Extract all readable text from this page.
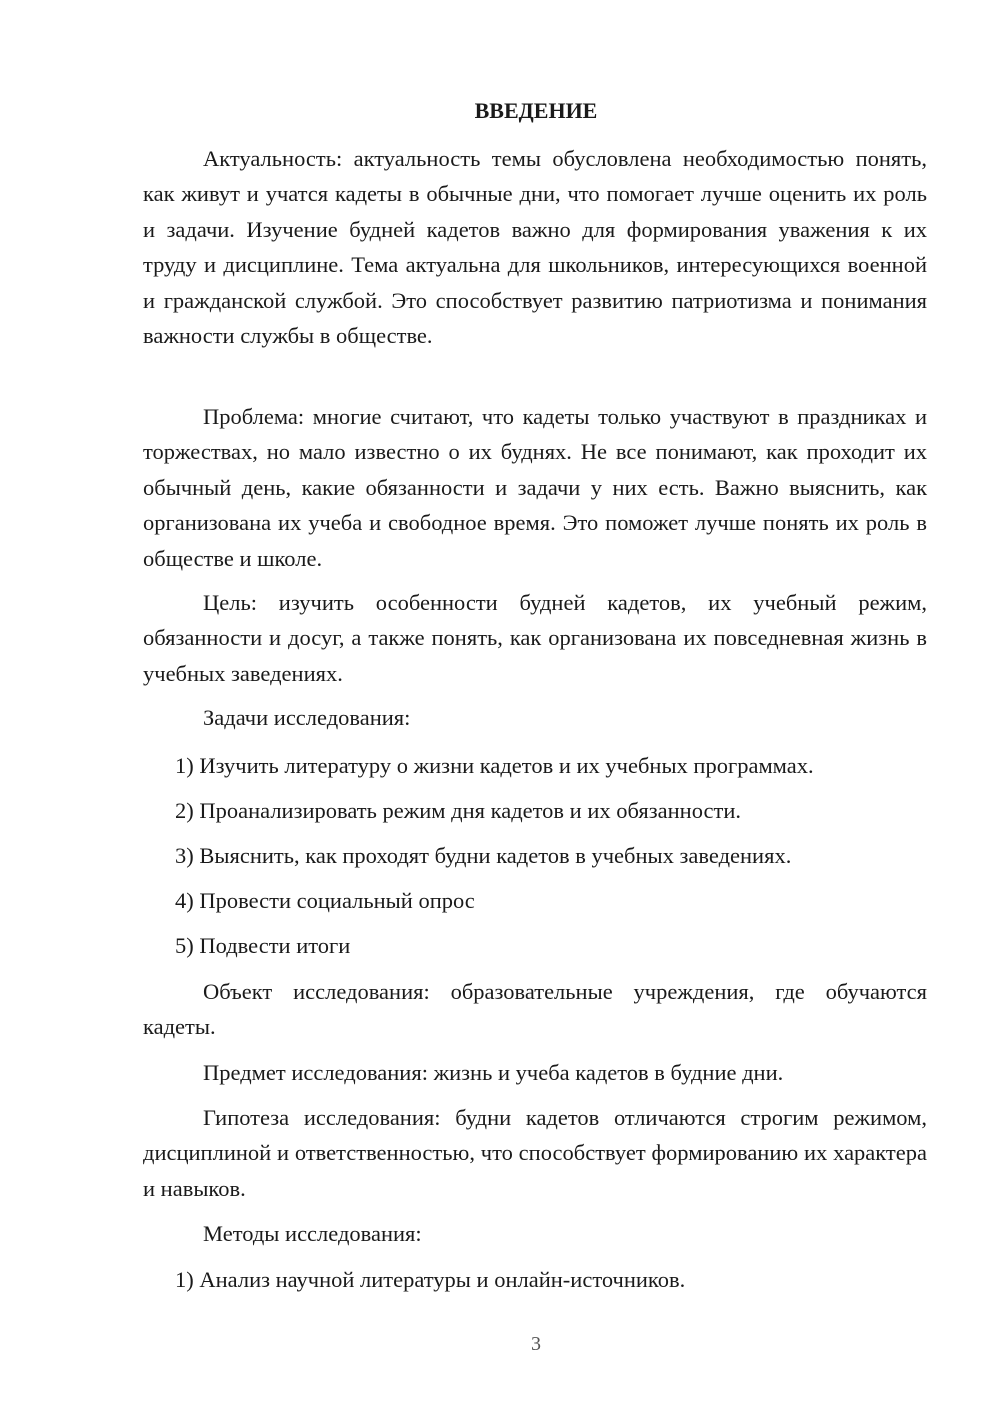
ВВЕДЕНИЕ

Актуальность: актуальность темы обусловлена необходимостью понять, как живут и учатся кадеты в обычные дни, что помогает лучше оценить их роль и задачи. Изучение будней кадетов важно для формирования уважения к их труду и дисциплине. Тема актуальна для школьников, интересующихся военной и гражданской службой. Это способствует развитию патриотизма и понимания важности службы в обществе.

Проблема: многие считают, что кадеты только участвуют в праздниках и торжествах, но мало известно о их буднях. Не все понимают, как проходит их обычный день, какие обязанности и задачи у них есть. Важно выяснить, как организована их учеба и свободное время. Это поможет лучше понять их роль в обществе и школе.

Цель: изучить особенности будней кадетов, их учебный режим, обязанности и досуг, а также понять, как организована их повседневная жизнь в учебных заведениях.

Задачи исследования:

1) Изучить литературу о жизни кадетов и их учебных программах.

2) Проанализировать режим дня кадетов и их обязанности.

3) Выяснить, как проходят будни кадетов в учебных заведениях.

4) Провести социальный опрос

5) Подвести итоги

Объект исследования: образовательные учреждения, где обучаются кадеты.

Предмет исследования: жизнь и учеба кадетов в будние дни.

Гипотеза исследования: будни кадетов отличаются строгим режимом, дисциплиной и ответственностью, что способствует формированию их характера и навыков.

Методы исследования:

1) Анализ научной литературы и онлайн-источников.

3
